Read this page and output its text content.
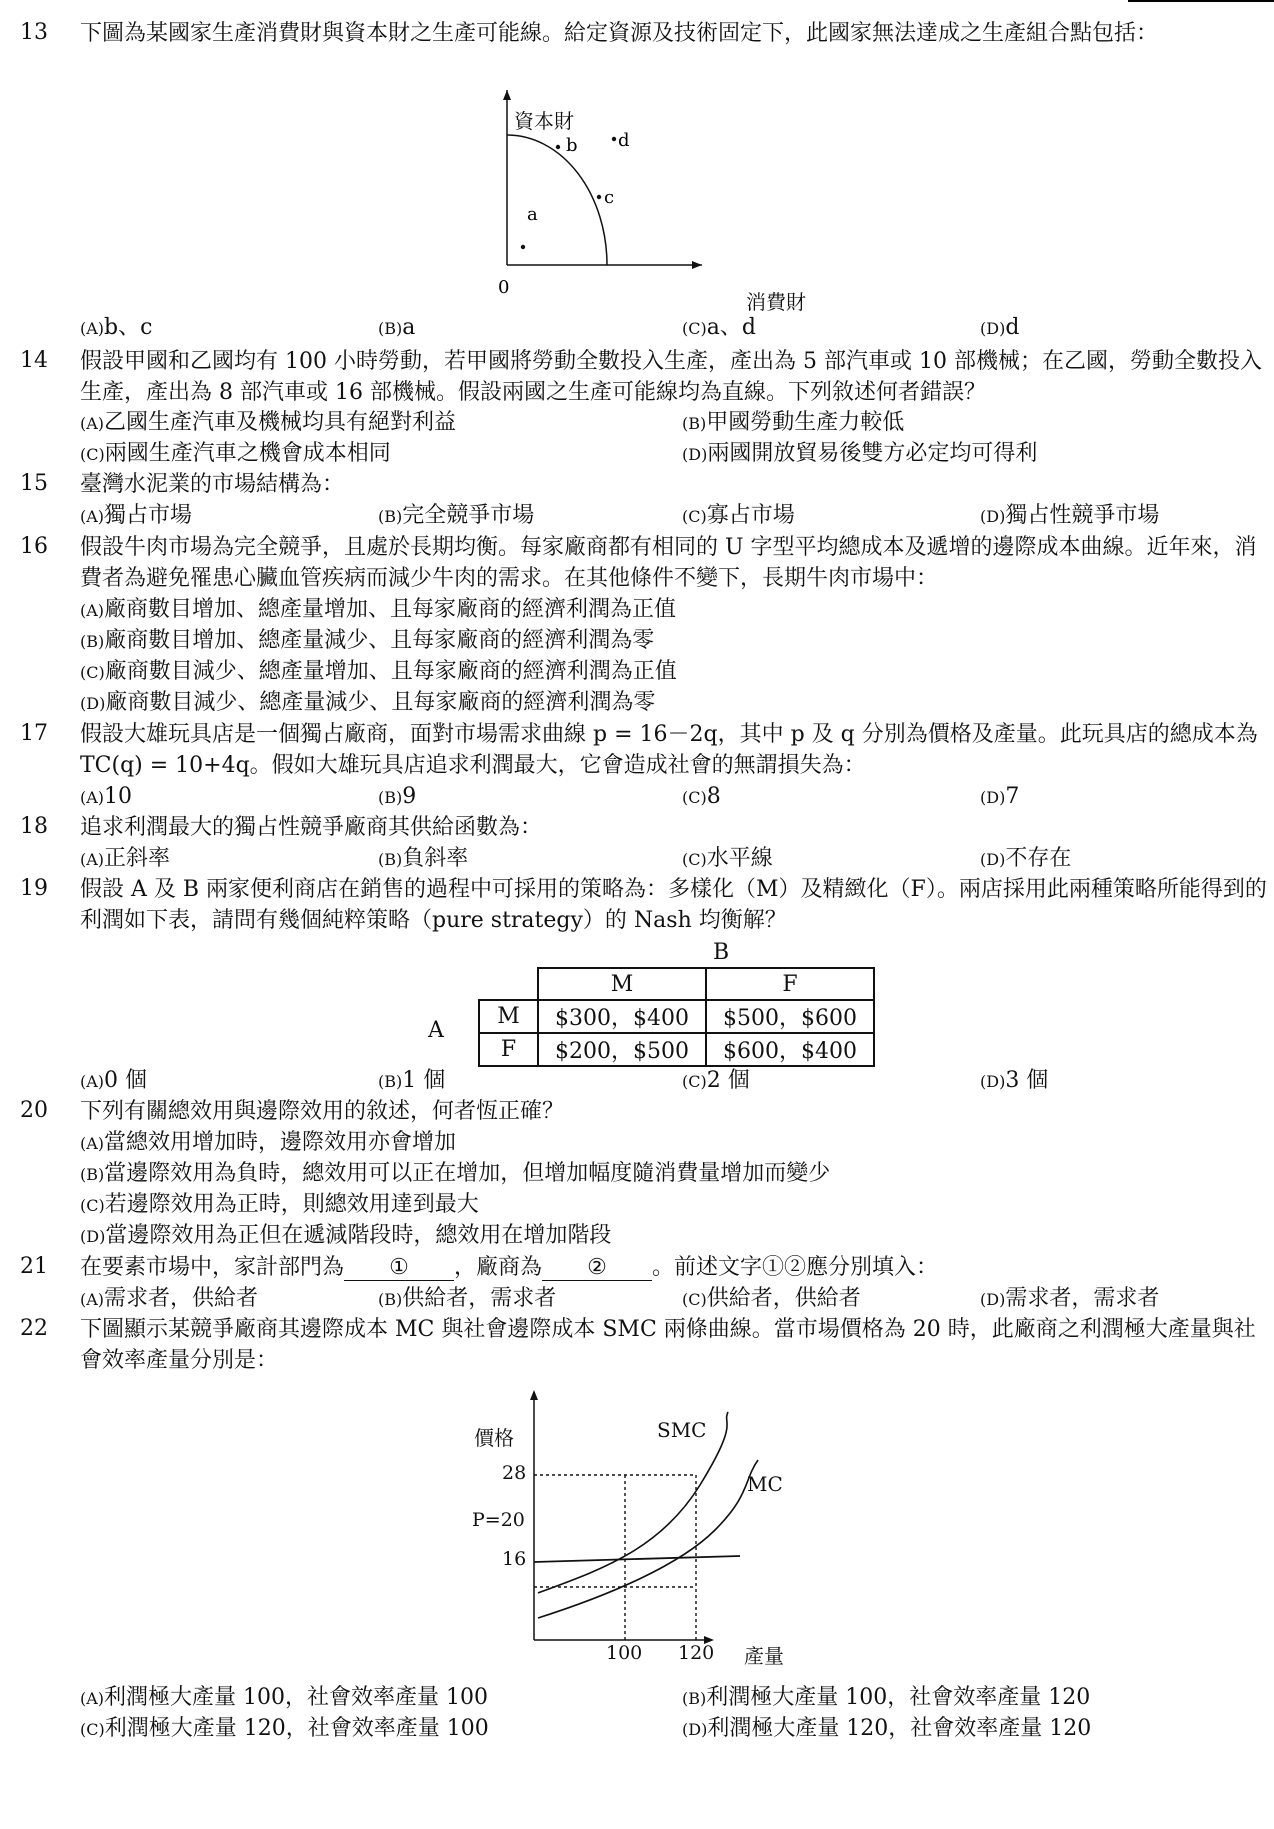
13 下圖為某國家生產消費財與資本財之生產可能線。給定資源及技術固定下，此國家無法達成之生產組合點包括：

a
b
c
d
0
資本財
消費財
(A)b、c	(B)a	(C)a、d	(D)d
14 假設甲國和乙國均有 100 小時勞動，若甲國將勞動全數投入生產，產出為 5 部汽車或 10 部機械；在乙國，勞動全數投入生產，產出為 8 部汽車或 16 部機械。假設兩國之生產可能線均為直線。下列敘述何者錯誤？

(A)乙國生產汽車及機械均具有絕對利益	(B)甲國勞動生產力較低
(C)兩國生產汽車之機會成本相同	(D)兩國開放貿易後雙方必定均可得利
15 臺灣水泥業的市場結構為：

(A)獨占市場	(B)完全競爭市場	(C)寡占市場	(D)獨占性競爭市場
16 假設牛肉市場為完全競爭，且處於長期均衡。每家廠商都有相同的 U 字型平均總成本及遞增的邊際成本曲線。近年來，消費者為避免罹患心臟血管疾病而減少牛肉的需求。在其他條件不變下，長期牛肉市場中：

(A)廠商數目增加、總產量增加、且每家廠商的經濟利潤為正值
(B)廠商數目增加、總產量減少、且每家廠商的經濟利潤為零
(C)廠商數目減少、總產量增加、且每家廠商的經濟利潤為正值
(D)廠商數目減少、總產量減少、且每家廠商的經濟利潤為零
17 假設大雄玩具店是一個獨占廠商，面對市場需求曲線 p = 16－2q，其中 p 及 q 分別為價格及產量。此玩具店的總成本為 TC(q) = 10+4q。假如大雄玩具店追求利潤最大，它會造成社會的無謂損失為：

(A)10	(B)9	(C)8	(D)7
18 追求利潤最大的獨占性競爭廠商其供給函數為：

(A)正斜率	(B)負斜率	(C)水平線	(D)不存在
19 假設 A 及 B 兩家便利商店在銷售的過程中可採用的策略為：多樣化（M）及精緻化（F）。兩店採用此兩種策略所能得到的利潤如下表，請問有幾個純粹策略（pure strategy）的 Nash 均衡解？

B
A
	M	F
M	$300，$400	$500，$600
F	$200，$500	$600，$400
(A)0 個	(B)1 個	(C)2 個	(D)3 個
20 下列有關總效用與邊際效用的敘述，何者恆正確？

(A)當總效用增加時，邊際效用亦會增加
(B)當邊際效用為負時，總效用可以正在增加，但增加幅度隨消費量增加而變少
(C)若邊際效用為正時，則總效用達到最大
(D)當邊際效用為正但在遞減階段時，總效用在增加階段
21 在要素市場中，家計部門為 ① ，廠商為 ② 。前述文字①②應分別填入：

(A)需求者，供給者	(B)供給者，需求者	(C)供給者，供給者	(D)需求者，需求者
22 下圖顯示某競爭廠商其邊際成本 MC 與社會邊際成本 SMC 兩條曲線。當市場價格為 20 時，此廠商之利潤極大產量與社會效率產量分別是：

價格
產量
SMC
MC
28
P=20
16
100 120
(A)利潤極大產量 100，社會效率產量 100	(B)利潤極大產量 100，社會效率產量 120
(C)利潤極大產量 120，社會效率產量 100	(D)利潤極大產量 120，社會效率產量 120
